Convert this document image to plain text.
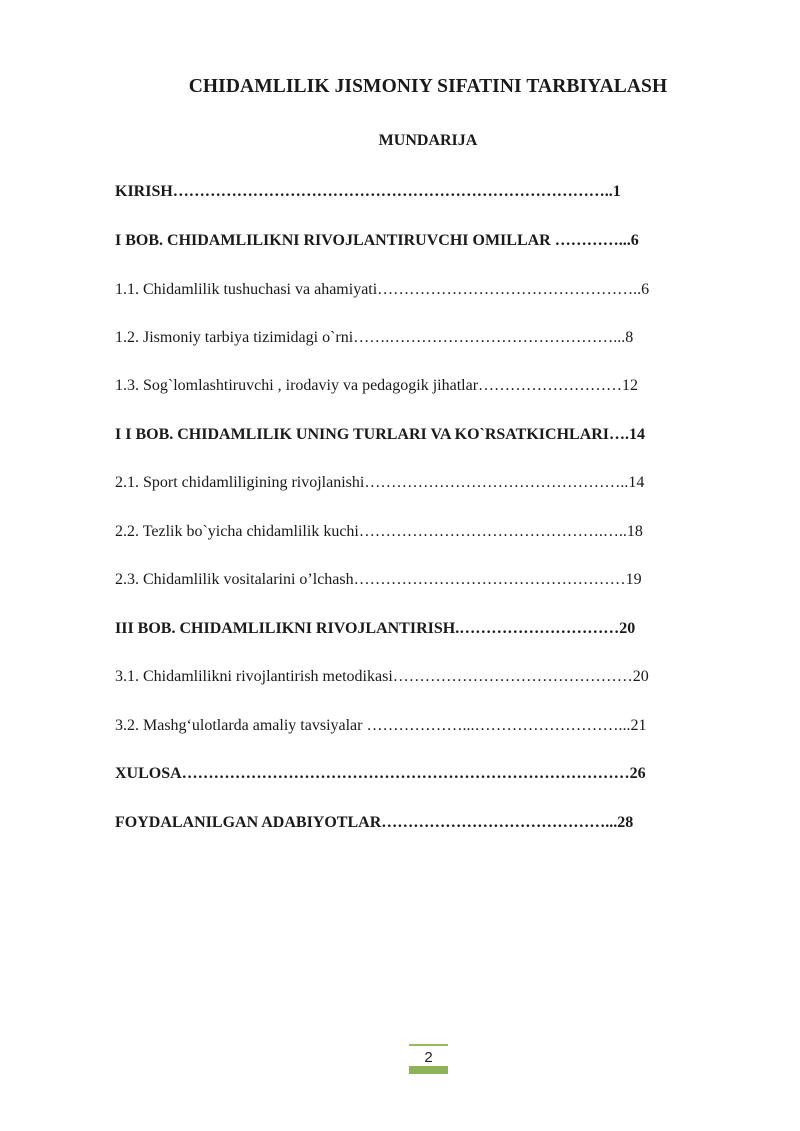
CHIDAMLILIK JISMONIY SIFATINI TARBIYALASH
MUNDARIJA
KIRISH………………………………………………………………………..1
I BOB. CHIDAMLILIKNI RIVOJLANTIRUVCHI OMILLAR …………...6
1.1. Chidamlilik tushuchasi va ahamiyati…………………………………………..6
1.2. Jismoniy tarbiya tizimidagi o`rni…….……………………………………...8
1.3. Sog`lomlashtiruvchi , irodaviy va pedagogik jihatlar………………………12
I I BOB. CHIDAMLILIK UNING TURLARI VA KO`RSATKICHLARI….14
2.1. Sport chidamliligining rivojlanishi…………………………………………..14
2.2. Tezlik bo`yicha chidamlilik kuchi……………………………………….…..18
2.3. Chidamlilik vositalarini o’lchash……………………………………………19
III BOB. CHIDAMLILIKNI RIVOJLANTIRISH.…………………………20
3.1. Chidamlilikni rivojlantirish metodikasi………………………………………20
3.2. Mashg‘ulotlarda amaliy tavsiyalar ………………...………………………...21
XULOSA…………………………………………………………………………26
FOYDALANILGAN ADABIYOTLAR……………………………………...28
2
